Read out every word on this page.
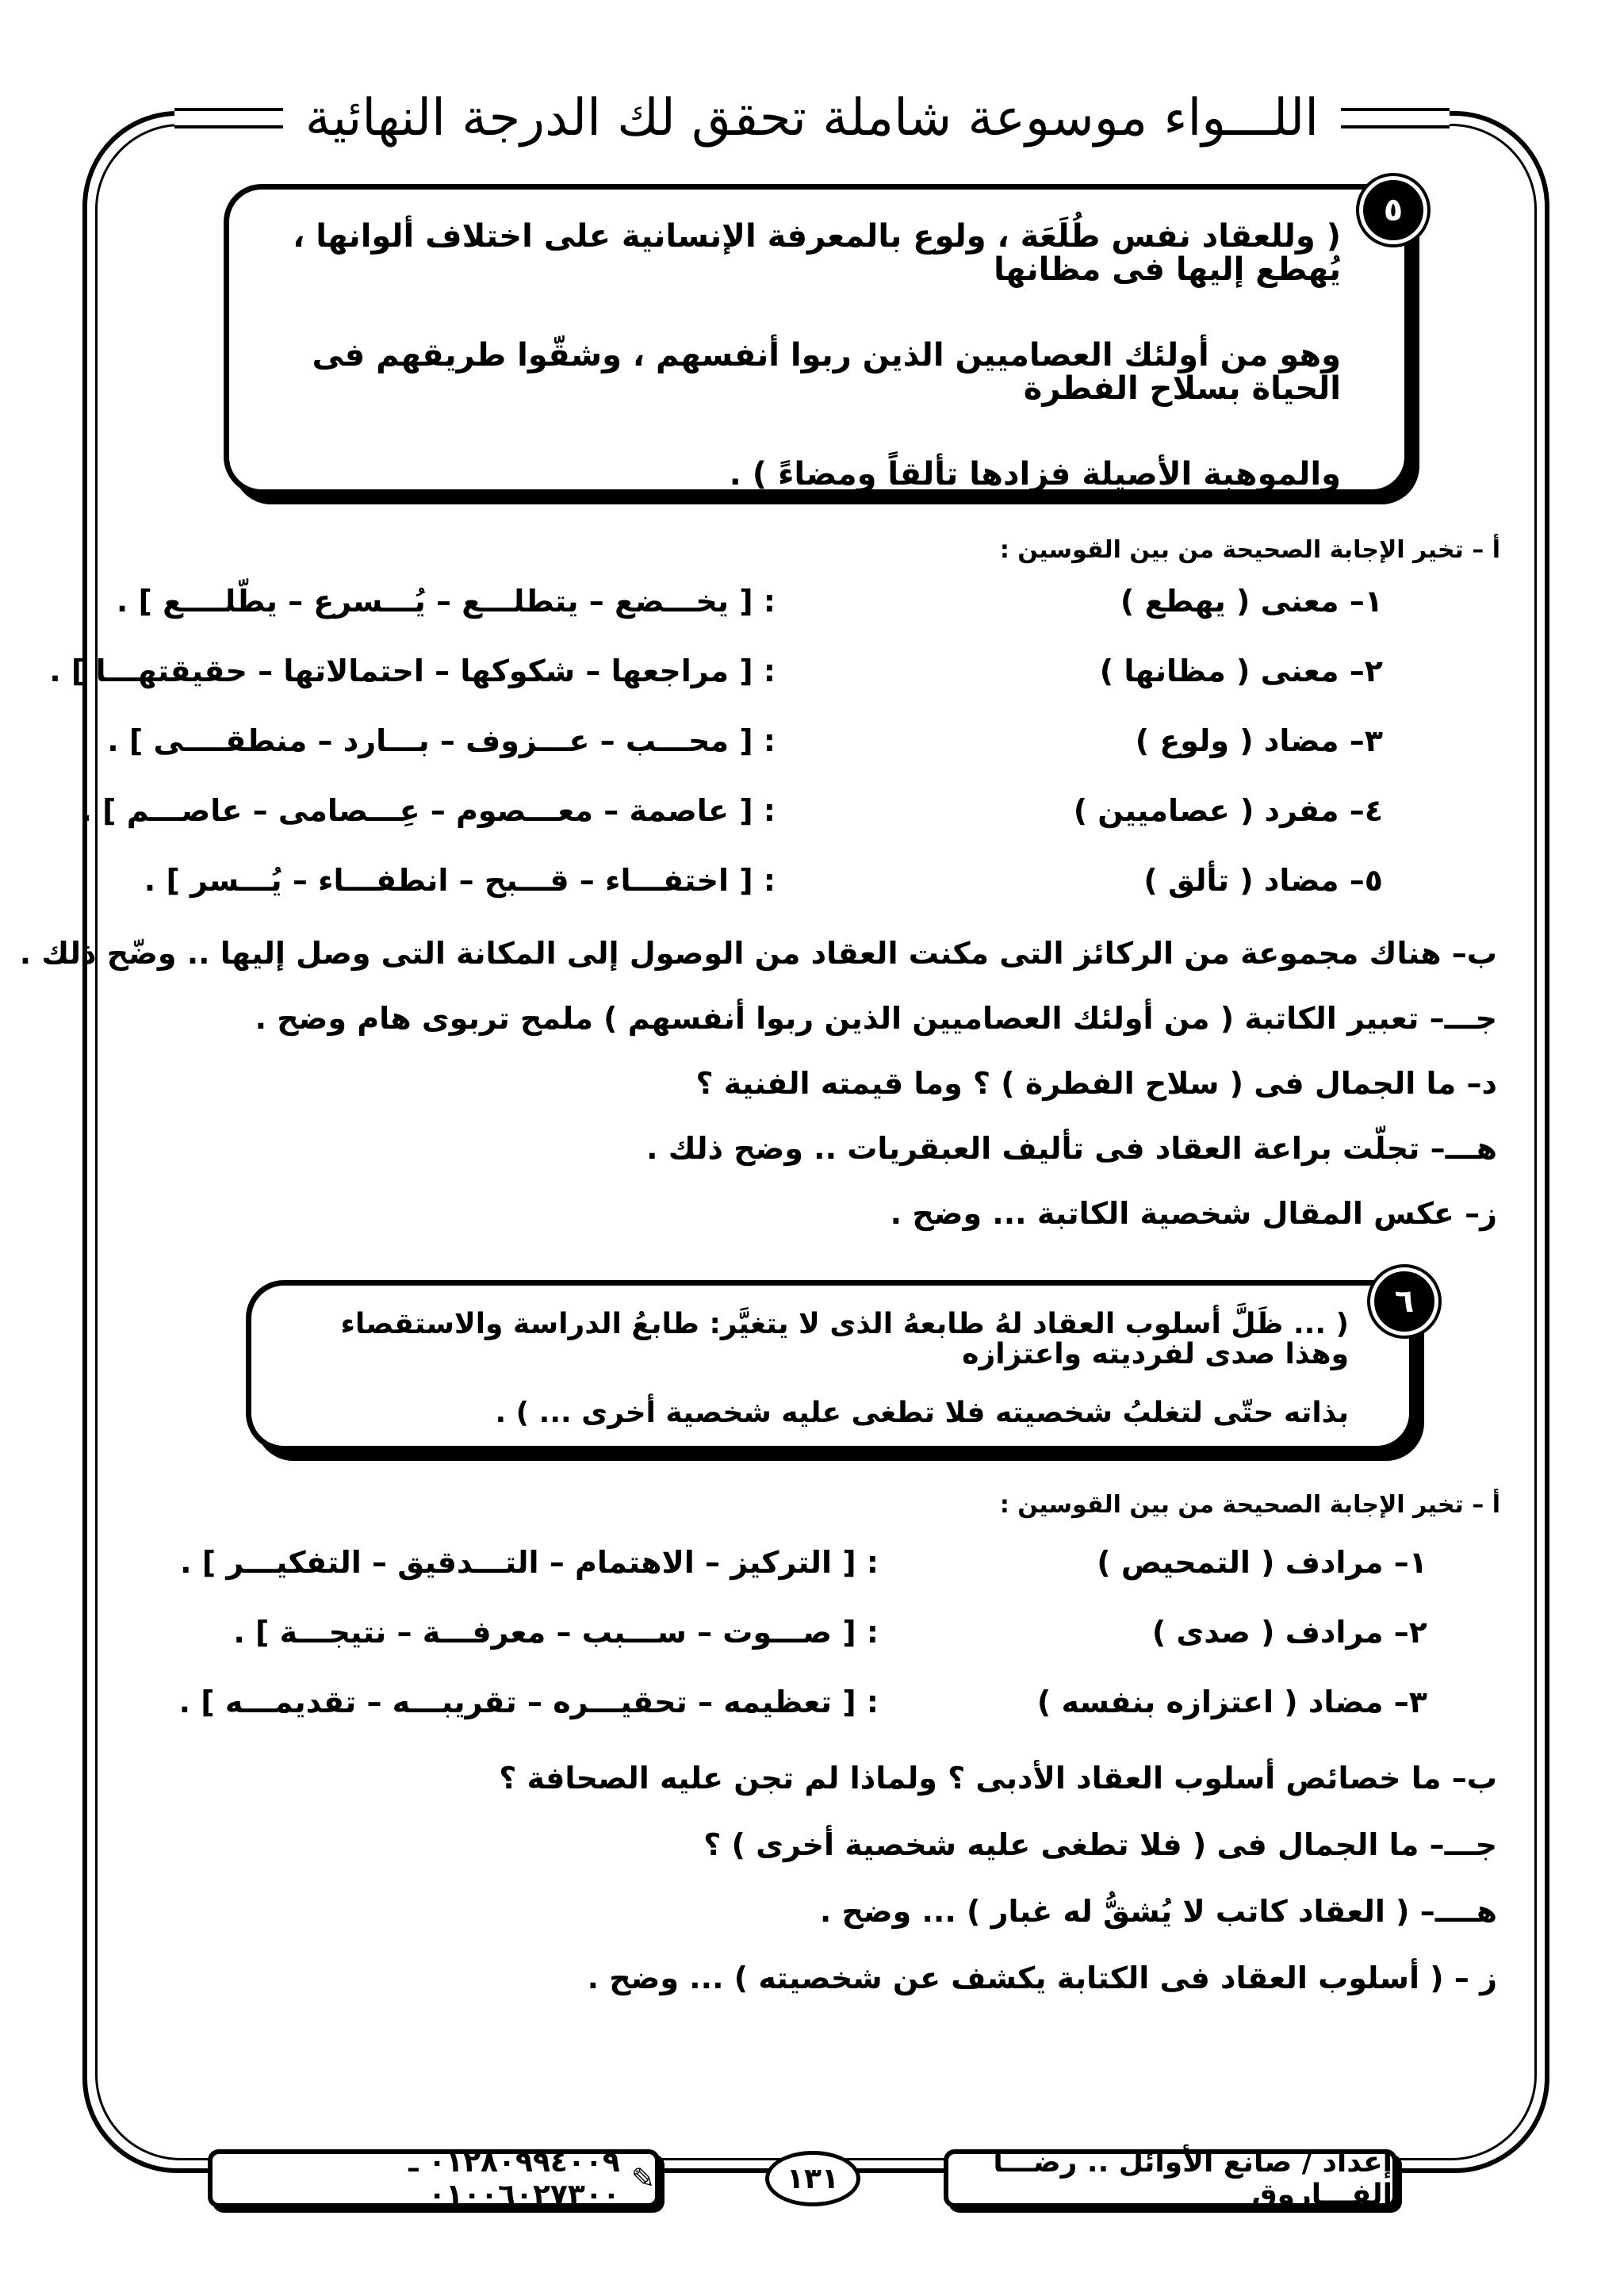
اللـــواء موسوعة شاملة تحقق لك الدرجة النهائية

( وللعقاد نفس طُلَعَة ، ولوع بالمعرفة الإنسانية على اختلاف ألوانها ، يُهطع إليها فى مظانها

وهو من أولئك العصاميين الذين ربوا أنفسهم ، وشقّوا طريقهم فى الحياة بسلاح الفطرة

والموهبة الأصيلة فزادها تألقاً ومضاءً ) .

٥
أ – تخير الإجابة الصحيحة من بين القوسين :
١– معنى ( يهطع )
: [ يخـــضع – يتطلـــع – يُـــسرع – يطّلــــع ] .
٢– معنى ( مظانها )
: [ مراجعها – شكوكها – احتمالاتها – حقيقتهـــا ] .
٣– مضاد ( ولوع )
: [ محـــب – عـــزوف – بـــارد – منطقــــى ] .
٤– مفرد ( عصاميين )
: [ عاصمة – معـــصوم – عِـــصامى – عاصـــم ] .
٥– مضاد ( تألق )
: [ اختفـــاء – قـــبح – انطفـــاء – يُـــسر ] .
ب– هناك مجموعة من الركائز التى مكنت العقاد من الوصول إلى المكانة التى وصل إليها .. وضّح ذلك .
جـــ– تعبير الكاتبة ( من أولئك العصاميين الذين ربوا أنفسهم ) ملمح تربوى هام وضح .
د– ما الجمال فى ( سلاح الفطرة ) ؟ وما قيمته الفنية ؟
هـــ– تجلّت براعة العقاد فى تأليف العبقريات .. وضح ذلك .
ز– عكس المقال شخصية الكاتبة ... وضح .

( ... ظَلَّ أسلوب العقاد لهُ طابعهُ الذى لا يتغيَّر: طابعُ الدراسة والاستقصاء وهذا صدى لفرديته واعتزازه

بذاته حتّى لتغلبُ شخصيته فلا تطغى عليه شخصية أخرى ... ) .

٦
أ – تخير الإجابة الصحيحة من بين القوسين :
١– مرادف ( التمحيص )
: [ التركيز – الاهتمام – التـــدقيق – التفكيـــر ] .
٢– مرادف ( صدى )
: [ صـــوت – ســـبب – معرفـــة – نتيجـــة ] .
٣– مضاد ( اعتزازه بنفسه )
: [ تعظيمه – تحقيـــره – تقريبـــه – تقديمـــه ] .
ب– ما خصائص أسلوب العقاد الأدبى ؟ ولماذا لم تجن عليه الصحافة ؟
جـــ– ما الجمال فى ( فلا تطغى عليه شخصية أخرى ) ؟
هــــ– ( العقاد كاتب لا يُشقُّ له غبار ) ... وضح .
ز – ( أسلوب العقاد فى الكتابة يكشف عن شخصيته ) ... وضح .
إعداد / صانع الأوائل .. رضـــا الفـــاروق
١٣١
✎
٠١٢٨٠٩٩٤٠٠٩ ـ ٠١٠٠٦٠٢٧٣٠٠
